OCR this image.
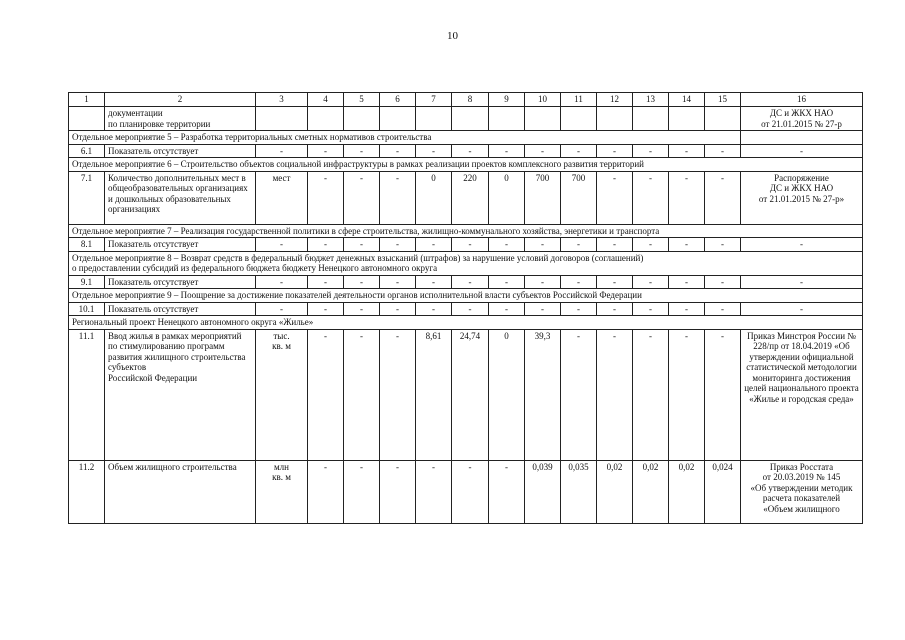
10
1	2	3	4	5	6	7	8	9	10	11	12	13	14	15	16
	документации
по планировке территории														ДС и ЖКХ НАО
от 21.01.2015 № 27-р
Отдельное мероприятие 5 – Разработка территориальных сметных нормативов строительства															
6.1	Показатель отсутствует	-	-	-	-	-	-	-	-	-	-	-	-	-	-
Отдельное мероприятие 6 – Строительство объектов социальной инфраструктуры в рамках реализации проектов комплексного развития территорий															
7.1	Количество дополнительных мест в общеобразовательных организациях и дошкольных образовательных организациях	мест	-	-	-	0	220	0	700	700	-	-	-	-	Распоряжение
ДС и ЖКХ НАО
от 21.01.2015 № 27-р»
Отдельное мероприятие 7 – Реализация государственной политики в сфере строительства, жилищно-коммунального хозяйства, энергетики и транспорта															
8.1	Показатель отсутствует	-	-	-	-	-	-	-	-	-	-	-	-	-	-
Отдельное мероприятие 8 – Возврат средств в федеральный бюджет денежных взысканий (штрафов) за нарушение условий договоров (соглашений)
о предоставлении субсидий из федерального бюджета бюджету Ненецкого автономного округа															
9.1	Показатель отсутствует	-	-	-	-	-	-	-	-	-	-	-	-	-	-
Отдельное мероприятие 9 – Поощрение за достижение показателей деятельности органов исполнительной власти субъектов Российской Федерации															
10.1	Показатель отсутствует	-	-	-	-	-	-	-	-	-	-	-	-	-	-
Региональный проект Ненецкого автономного округа «Жилье»															
11.1	Ввод жилья в рамках мероприятий
по стимулированию программ развития жилищного строительства субъектов
Российской Федерации	тыс.
кв. м	-	-	-	8,61	24,74	0	39,3	-	-	-	-	-	Приказ Минстроя России № 228/пр от 18.04.2019 «Об утверждении официальной статистической методологии мониторинга достижения целей национального проекта «Жилье и городская среда»
11.2	Объем жилищного строительства	млн
кв. м	-	-	-	-	-	-	0,039	0,035	0,02	0,02	0,02	0,024	Приказ Росстата
от 20.03.2019 № 145
«Об утверждении методик расчета показателей
«Объем жилищного
